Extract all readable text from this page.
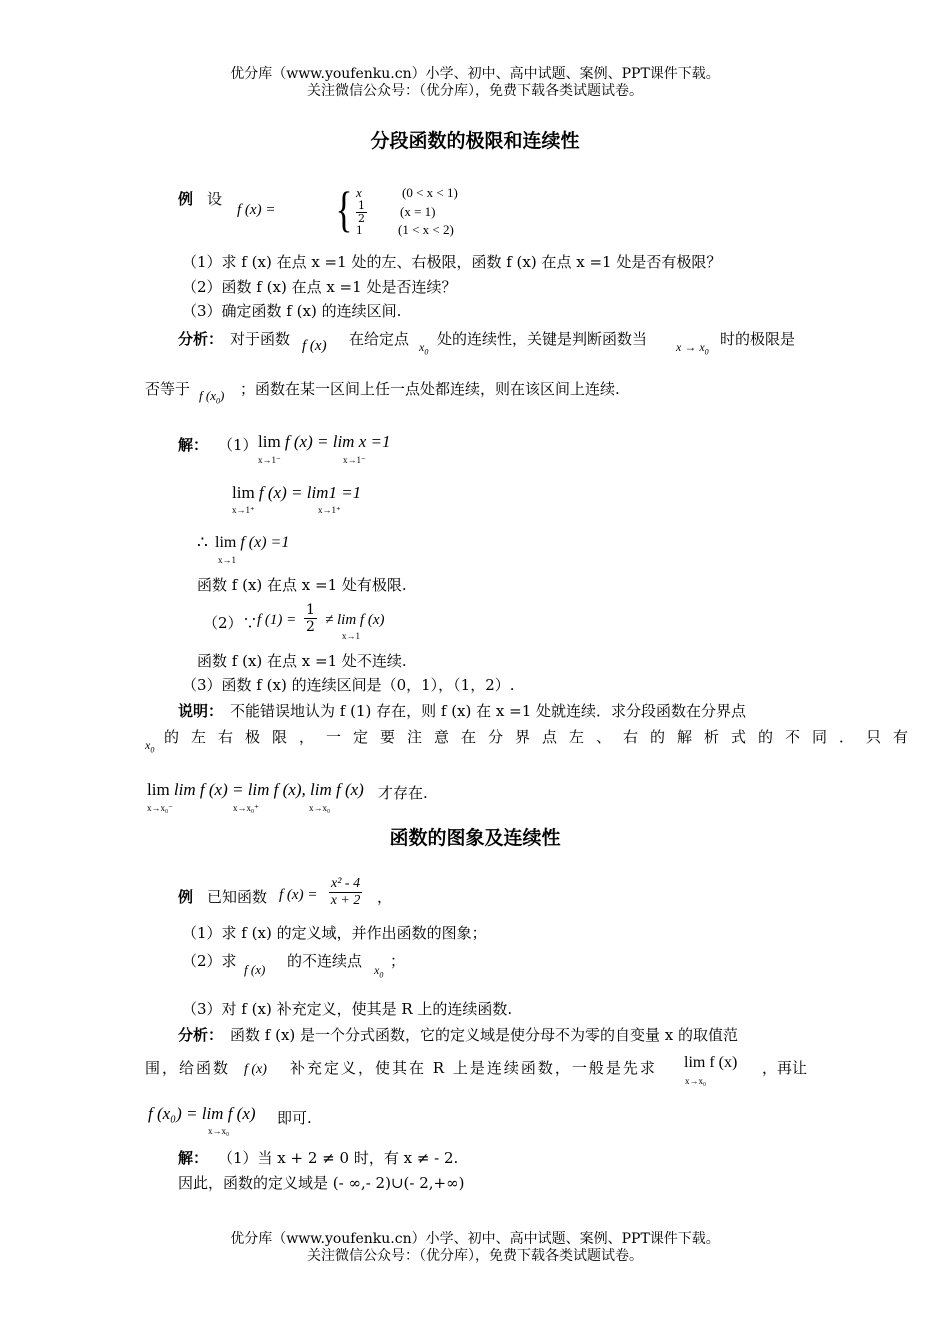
优分库（www.youfenku.cn）小学、初中、高中试题、案例、PPT课件下载。
关注微信公众号：（优分库），免费下载各类试题试卷。
分段函数的极限和连续性
例 设
f (x) = { x	(0 < x < 1)
$\frac{1}{2}$	(x = 1)
1	(1 < x < 2)
（1）求 f (x) 在点 x =1 处的左、右极限，函数 f (x) 在点 x =1 处是否有极限？
（2）函数 f (x) 在点 x =1 处是否连续？
（3）确定函数 f (x) 的连续区间.
分析： 对于函数 f (x) 在给定点 $x_0$
处的连续性，关键是判断函数当 $x \to x_0$
时的极限是
否等于 f $(x_0)$ ；函数在某一区间上任一点处都连续，则在该区间上连续.
解： （1） lim f (x) = lim x =1
x→1⁻	x→1⁻
lim f (x) = lim1 =1
x→1⁺	x→1⁺
∴ lim f (x) =1
x→1
函数 f (x) 在点 x =1 处有极限.
（2）∵ f $(1) = \frac{1}{2} \ne \lim f$ (x)
x→1
函数 f (x) 在点 x =1 处不连续.
（3）函数 f (x) 的连续区间是（0，1），（1，2）.
说明： 不能错误地认为 f (1) 存在，则 f (x) 在 x =1 处就连续．求分段函数在分界点
$x_0$
的左右极限，一定要注意在分界点左、右的解析式的不同．只有
lim lim f (x) = lim f (x), lim f (x)
x→x₀⁻	x→x₀⁺	x→x₀
才存在.
函数的图象及连续性
例 已知函数 f $(x) = \frac{\text{x² - 4}}{x + 2}$ ，
（1）求 f (x) 的定义域，并作出函数的图象；
（2）求 f (x) 的不连续点 $x_0$
；
（3）对 f (x) 补充定义，使其是 R 上的连续函数.
分析： 函数 f (x) 是一个分式函数，它的定义域是使分母不为零的自变量 x 的取值范
围，给函数 f (x) 补充定义，使其在 R 上是连续函数，一般是先求 lim f (x)
x→x₀
，再让
f (x₀) = lim f (x)
x→x₀
即可.
解： （1）当 x + 2 ≠ 0 时，有 x ≠ - 2.
因此，函数的定义域是 (- ∞,- 2)∪(- 2,+∞)
优分库（www.youfenku.cn）小学、初中、高中试题、案例、PPT课件下载。
关注微信公众号：（优分库），免费下载各类试题试卷。
